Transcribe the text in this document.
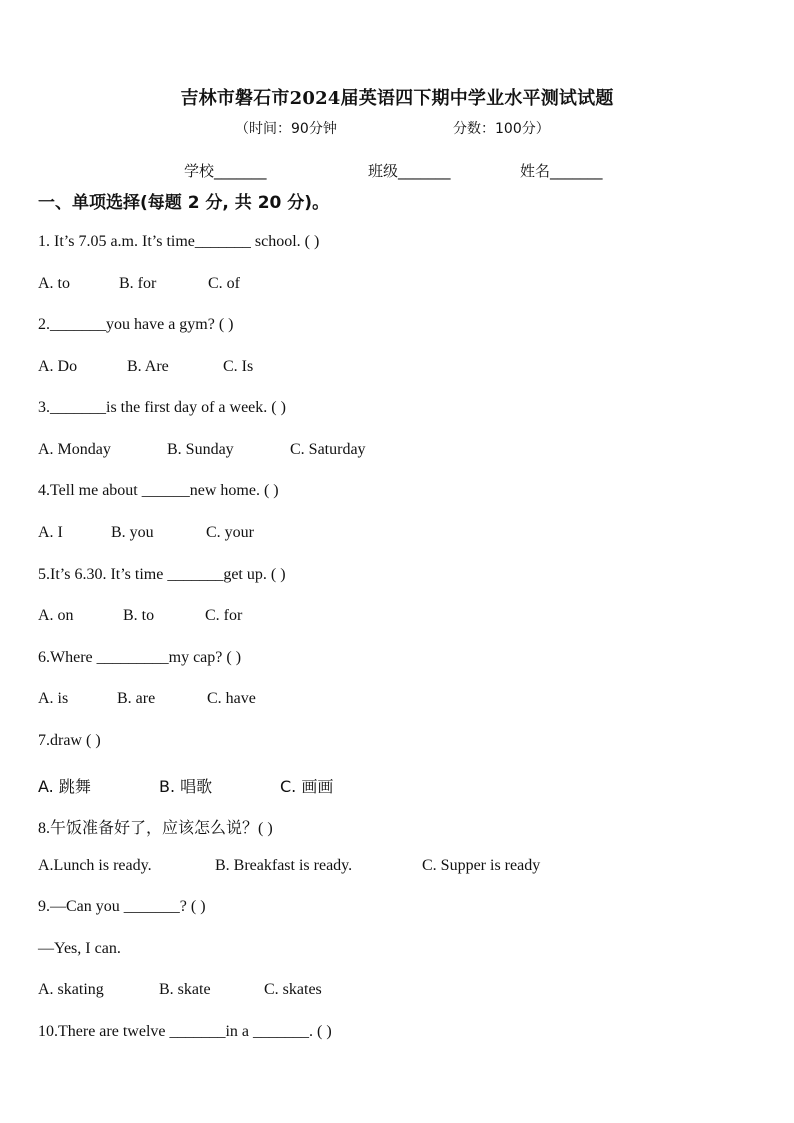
吉林市磐石市2024届英语四下期中学业水平测试试题
（时间：90分钟	分数：100分）
学校_______	班级_______	姓名_______
一、单项选择(每题 2 分, 共 20 分)。
1. It’s 7.05 a.m. It’s time_______ school. ( )
A. to	B. for	C. of
2._______you have a gym? ( )
A. Do	B. Are	C. Is
3._______is the first day of a week. ( )
A. Monday	B. Sunday	C. Saturday
4.Tell me about ______new home. ( )
A. I	B. you	C. your
5.It’s 6.30. It’s time _______get up. ( )
A. on	B. to	C. for
6.Where _________my cap? ( )
A. is	B. are	C. have
7.draw ( )
A. 跳舞	B. 唱歌	C. 画画
8.午饭准备好了，应该怎么说？( )
A.Lunch is ready.	B. Breakfast is ready.	C. Supper is ready
9.—Can you _______? ( )
—Yes, I can.
A. skating	B. skate	C. skates
10.There are twelve _______in a _______. ( )
